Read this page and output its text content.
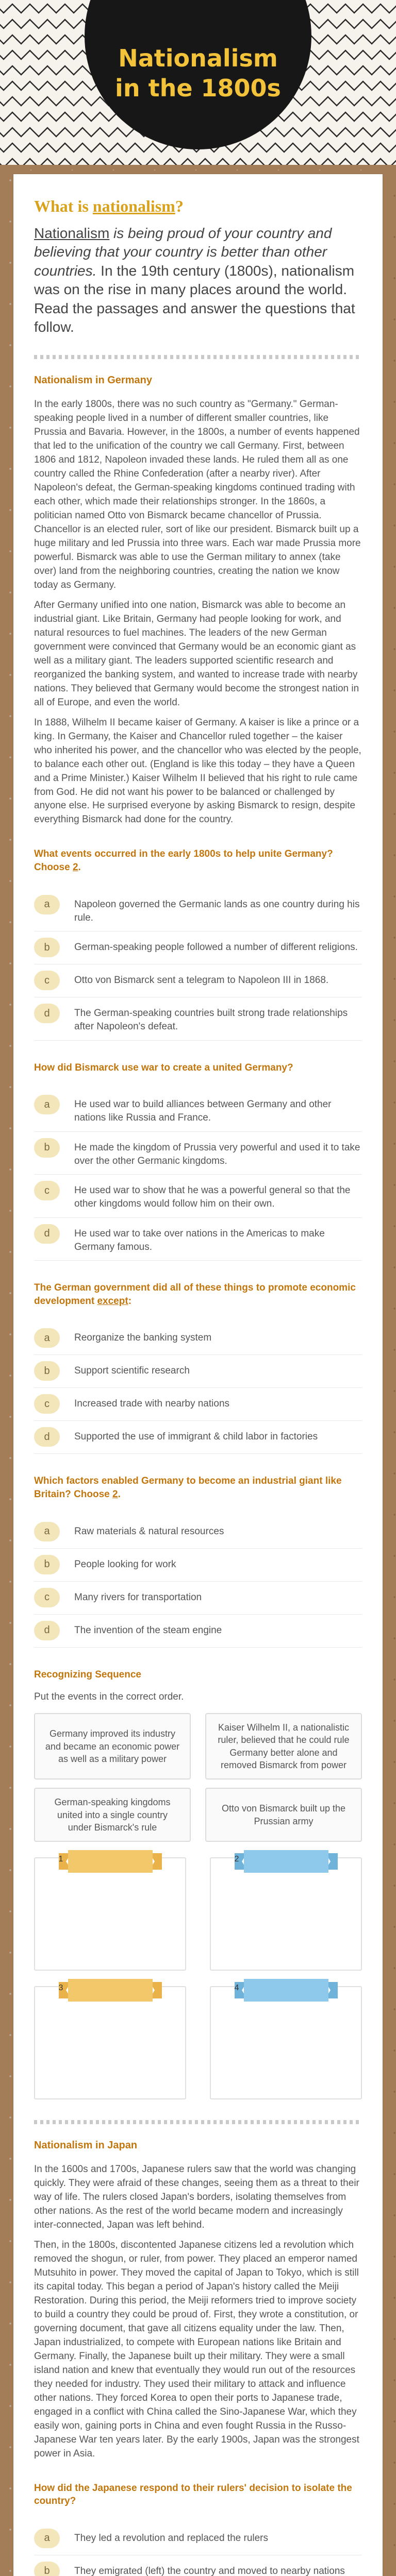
Nationalism in the 1800s
What is nationalism?

Nationalism is being proud of your country and believing that your country is better than other countries. In the 19th century (1800s), nationalism was on the rise in many places around the world. Read the passages and answer the questions that follow.

Nationalism in Germany

In the early 1800s, there was no such country as "Germany." German-speaking people lived in a number of different smaller countries, like Prussia and Bavaria. However, in the 1800s, a number of events happened that led to the unification of the country we call Germany. First, between 1806 and 1812, Napoleon invaded these lands. He ruled them all as one country called the Rhine Confederation (after a nearby river). After Napoleon's defeat, the German-speaking kingdoms continued trading with each other, which made their relationships stronger. In the 1860s, a politician named Otto von Bismarck became chancellor of Prussia. Chancellor is an elected ruler, sort of like our president. Bismarck built up a huge military and led Prussia into three wars. Each war made Prussia more powerful. Bismarck was able to use the German military to annex (take over) land from the neighboring countries, creating the nation we know today as Germany.

After Germany unified into one nation, Bismarck was able to become an industrial giant. Like Britain, Germany had people looking for work, and natural resources to fuel machines. The leaders of the new German government were convinced that Germany would be an economic giant as well as a military giant. The leaders supported scientific research and reorganized the banking system, and wanted to increase trade with nearby nations. They believed that Germany would become the strongest nation in all of Europe, and even the world.

In 1888, Wilhelm II became kaiser of Germany. A kaiser is like a prince or a king. In Germany, the Kaiser and Chancellor ruled together – the kaiser who inherited his power, and the chancellor who was elected by the people, to balance each other out. (England is like this today – they have a Queen and a Prime Minister.) Kaiser Wilhelm II believed that his right to rule came from God. He did not want his power to be balanced or challenged by anyone else. He surprised everyone by asking Bismarck to resign, despite everything Bismarck had done for the country.

What events occurred in the early 1800s to help unite Germany? Choose 2.
a	Napoleon governed the Germanic lands as one country during his rule.
b	German-speaking people followed a number of different religions.
c	Otto von Bismarck sent a telegram to Napoleon III in 1868.
d	The German-speaking countries built strong trade relationships after Napoleon's defeat.
How did Bismarck use war to create a united Germany?
a	He used war to build alliances between Germany and other nations like Russia and France.
b	He made the kingdom of Prussia very powerful and used it to take over the other Germanic kingdoms.
c	He used war to show that he was a powerful general so that the other kingdoms would follow him on their own.
d	He used war to take over nations in the Americas to make Germany famous.
The German government did all of these things to promote economic development except:
a	Reorganize the banking system
b	Support scientific research
c	Increased trade with nearby nations
d	Supported the use of immigrant & child labor in factories
Which factors enabled Germany to become an industrial giant like Britain? Choose 2.
a	Raw materials & natural resources
b	People looking for work
c	Many rivers for transportation
d	The invention of the steam engine
Recognizing Sequence
Put the events in the correct order.
Germany improved its industry and became an economic power as well as a military power
Kaiser Wilhelm II, a nationalistic ruler, believed that he could rule Germany better alone and removed Bismarck from power
German-speaking kingdoms united into a single country under Bismarck's rule
Otto von Bismarck built up the Prussian army
1	2
3	4
Nationalism in Japan

In the 1600s and 1700s, Japanese rulers saw that the world was changing quickly. They were afraid of these changes, seeing them as a threat to their way of life. The rulers closed Japan's borders, isolating themselves from other nations. As the rest of the world became modern and increasingly inter-connected, Japan was left behind.

Then, in the 1800s, discontented Japanese citizens led a revolution which removed the shogun, or ruler, from power. They placed an emperor named Mutsuhito in power. They moved the capital of Japan to Tokyo, which is still its capital today. This began a period of Japan's history called the Meiji Restoration. During this period, the Meiji reformers tried to improve society to build a country they could be proud of. First, they wrote a constitution, or governing document, that gave all citizens equality under the law. Then, Japan industrialized, to compete with European nations like Britain and Germany. Finally, the Japanese built up their military. They were a small island nation and knew that eventually they would run out of the resources they needed for industry. They used their military to attack and influence other nations. They forced Korea to open their ports to Japanese trade, engaged in a conflict with China called the Sino-Japanese War, which they easily won, gaining ports in China and even fought Russia in the Russo-Japanese War ten years later. By the early 1900s, Japan was the strongest power in Asia.

How did the Japanese respond to their rulers' decision to isolate the country?
a	They led a revolution and replaced the rulers
b	They emigrated (left) the country and moved to nearby nations
